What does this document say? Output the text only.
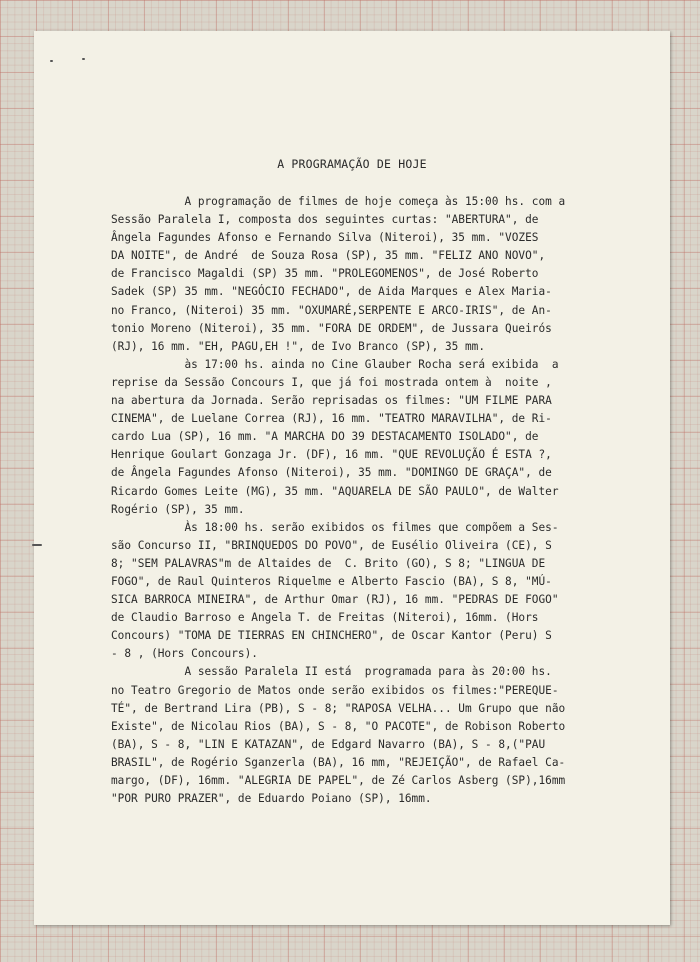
A PROGRAMAÇÃO DE HOJE
A programação de filmes de hoje começa às 15:00 hs. com a
Sessão Paralela I, composta dos seguintes curtas: "ABERTURA", de
Ângela Fagundes Afonso e Fernando Silva (Niteroi), 35 mm. "VOZES
DA NOITE", de André  de Souza Rosa (SP), 35 mm. "FELIZ ANO NOVO",
de Francisco Magaldi (SP) 35 mm. "PROLEGOMENOS", de José Roberto
Sadek (SP) 35 mm. "NEGÓCIO FECHADO", de Aida Marques e Alex Maria-
no Franco, (Niteroi) 35 mm. "OXUMARÉ,SERPENTE E ARCO-IRIS", de An-
tonio Moreno (Niteroi), 35 mm. "FORA DE ORDEM", de Jussara Queirós
(RJ), 16 mm. "EH, PAGU,EH !", de Ivo Branco (SP), 35 mm.
às 17:00 hs. ainda no Cine Glauber Rocha será exibida  a
reprise da Sessão Concours I, que já foi mostrada ontem à  noite ,
na abertura da Jornada. Serão reprisadas os filmes: "UM FILME PARA
CINEMA", de Luelane Correa (RJ), 16 mm. "TEATRO MARAVILHA", de Ri-
cardo Lua (SP), 16 mm. "A MARCHA DO 39 DESTACAMENTO ISOLADO", de
Henrique Goulart Gonzaga Jr. (DF), 16 mm. "QUE REVOLUÇÃO É ESTA ?,
de Ângela Fagundes Afonso (Niteroi), 35 mm. "DOMINGO DE GRAÇA", de
Ricardo Gomes Leite (MG), 35 mm. "AQUARELA DE SÃO PAULO", de Walter
Rogério (SP), 35 mm.
Às 18:00 hs. serão exibidos os filmes que compõem a Ses-
são Concurso II, "BRINQUEDOS DO POVO", de Eusélio Oliveira (CE), S
8; "SEM PALAVRAS"m de Altaides de  C. Brito (GO), S 8; "LINGUA DE
FOGO", de Raul Quinteros Riquelme e Alberto Fascio (BA), S 8, "MÚ-
SICA BARROCA MINEIRA", de Arthur Omar (RJ), 16 mm. "PEDRAS DE FOGO"
de Claudio Barroso e Angela T. de Freitas (Niteroi), 16mm. (Hors
Concours) "TOMA DE TIERRAS EN CHINCHERO", de Oscar Kantor (Peru) S
- 8 , (Hors Concours).
A sessão Paralela II está  programada para às 20:00 hs.
no Teatro Gregorio de Matos onde serão exibidos os filmes:"PEREQUE-
TÉ", de Bertrand Lira (PB), S - 8; "RAPOSA VELHA... Um Grupo que não
Existe", de Nicolau Rios (BA), S - 8, "O PACOTE", de Robison Roberto
(BA), S - 8, "LIN E KATAZAN", de Edgard Navarro (BA), S - 8,("PAU
BRASIL", de Rogério Sganzerla (BA), 16 mm, "REJEIÇÃO", de Rafael Ca-
margo, (DF), 16mm. "ALEGRIA DE PAPEL", de Zé Carlos Asberg (SP),16mm
"POR PURO PRAZER", de Eduardo Poiano (SP), 16mm.
